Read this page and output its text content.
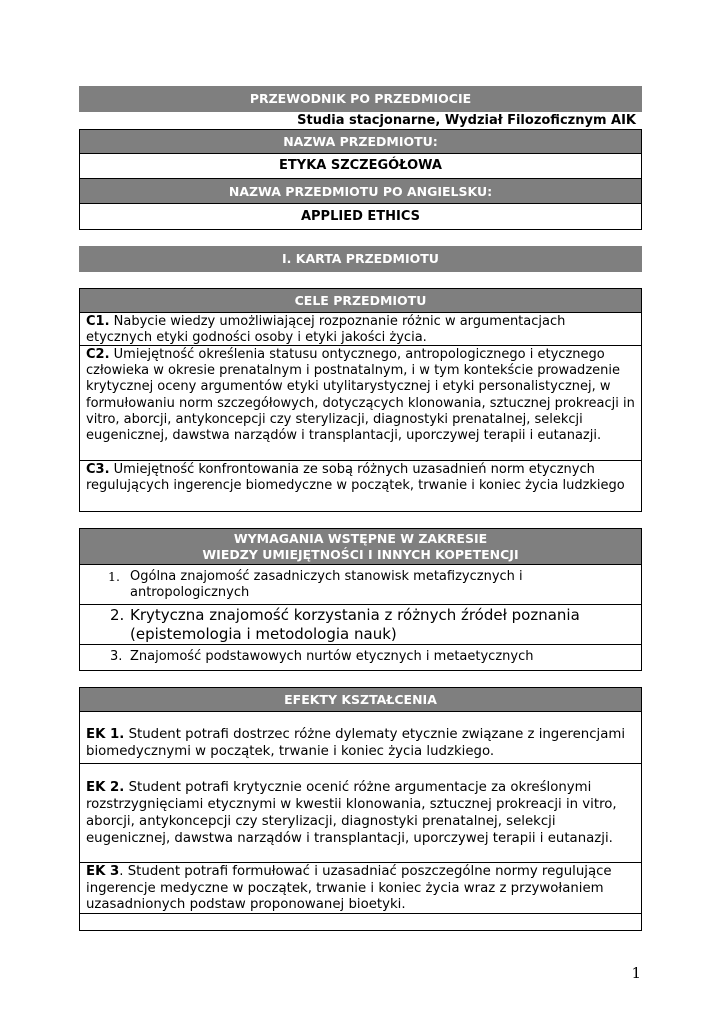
PRZEWODNIK PO PRZEDMIOCIE
Studia stacjonarne, Wydział Filozoficznym AIK
NAZWA PRZEDMIOTU:
ETYKA SZCZEGÓŁOWA
NAZWA PRZEDMIOTU PO ANGIELSKU:
APPLIED ETHICS
I. KARTA PRZEDMIOTU
CELE PRZEDMIOTU
C1. Nabycie wiedzy umożliwiającej rozpoznanie różnic w argumentacjach etycznych etyki godności osoby i etyki jakości życia.
C2. Umiejętność określenia statusu ontycznego, antropologicznego i etycznego człowieka w okresie prenatalnym i postnatalnym, i w tym kontekście prowadzenie krytycznej oceny argumentów etyki utylitarystycznej i etyki personalistycznej, w formułowaniu norm szczegółowych, dotyczących klonowania, sztucznej prokreacji in vitro, aborcji, antykoncepcji czy sterylizacji, diagnostyki prenatalnej, selekcji eugenicznej, dawstwa narządów i transplantacji, uporczywej terapii i eutanazji.
C3. Umiejętność konfrontowania ze sobą różnych uzasadnień norm etycznych regulujących ingerencje biomedyczne w początek, trwanie i koniec życia ludzkiego
WYMAGANIA WSTĘPNE W ZAKRESIE
WIEDZY UMIEJĘTNOŚCI I INNYCH KOPETENCJI
1. Ogólna znajomość zasadniczych stanowisk metafizycznych i antropologicznych
2. Krytyczna znajomość korzystania z różnych źródeł poznania (epistemologia i metodologia nauk)
3. Znajomość podstawowych nurtów etycznych i metaetycznych
EFEKTY KSZTAŁCENIA
EK 1. Student potrafi dostrzec różne dylematy etycznie związane z ingerencjami biomedycznymi w początek, trwanie i koniec życia ludzkiego.
EK 2. Student potrafi krytycznie ocenić różne argumentacje za określonymi rozstrzygnięciami etycznymi w kwestii klonowania, sztucznej prokreacji in vitro, aborcji, antykoncepcji czy sterylizacji, diagnostyki prenatalnej, selekcji eugenicznej, dawstwa narządów i transplantacji, uporczywej terapii i eutanazji.
EK 3. Student potrafi formułować i uzasadniać poszczególne normy regulujące ingerencje medyczne w początek, trwanie i koniec życia wraz z przywołaniem uzasadnionych podstaw proponowanej bioetyki.
1
